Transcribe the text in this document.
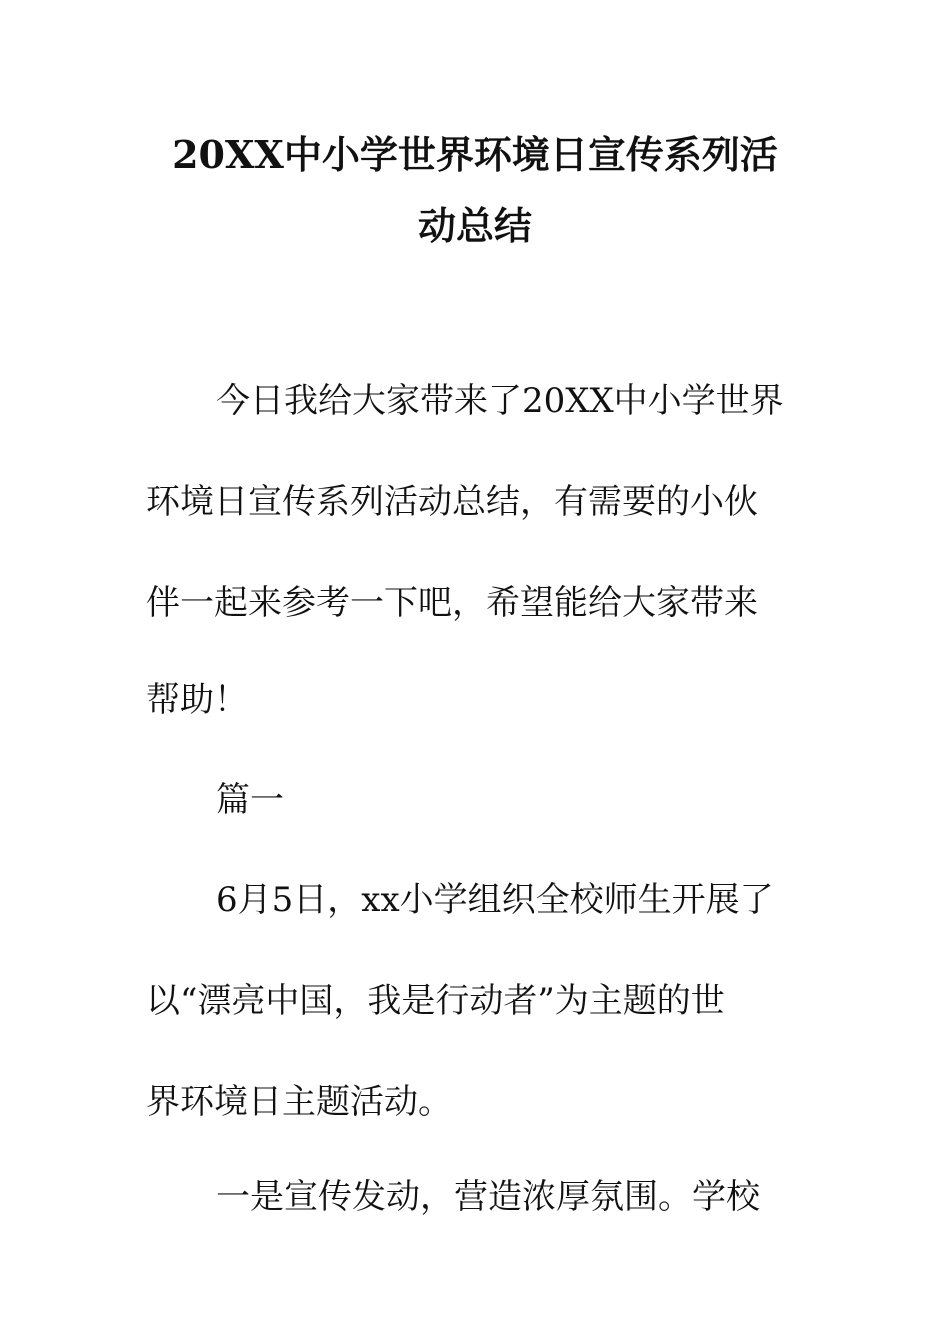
20XX中小学世界环境日宣传系列活
动总结
今日我给大家带来了20XX中小学世界
环境日宣传系列活动总结，有需要的小伙
伴一起来参考一下吧，希望能给大家带来
帮助！
篇一
6月5日，xx小学组织全校师生开展了
以“漂亮中国，我是行动者”为主题的世
界环境日主题活动。
一是宣传发动，营造浓厚氛围。学校
